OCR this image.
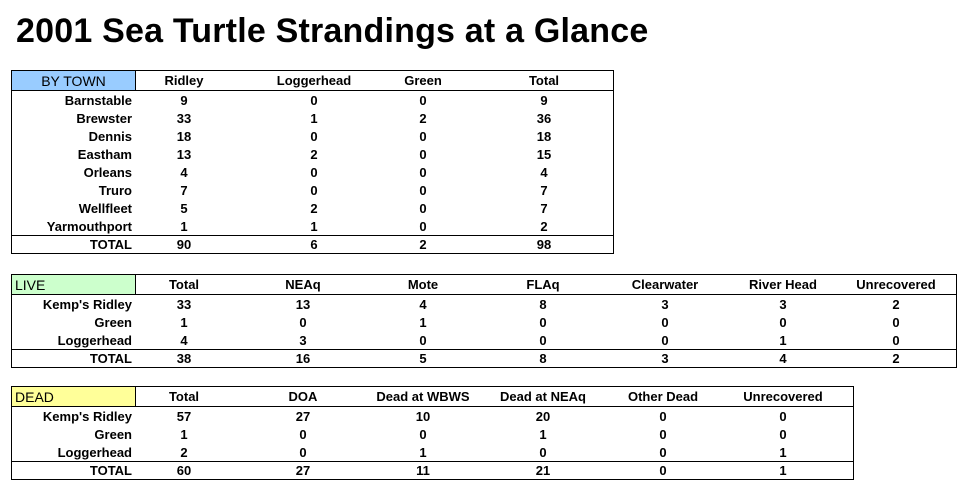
2001 Sea Turtle Strandings at a Glance
BY TOWN	Ridley	Loggerhead	Green	Total
Barnstable	9	0	0	9
Brewster	33	1	2	36
Dennis	18	0	0	18
Eastham	13	2	0	15
Orleans	4	0	0	4
Truro	7	0	0	7
Wellfleet	5	2	0	7
Yarmouthport	1	1	0	2
TOTAL	90	6	2	98
LIVE	Total	NEAq	Mote	FLAq	Clearwater	River Head	Unrecovered
Kemp's Ridley	33	13	4	8	3	3	2
Green	1	0	1	0	0	0	0
Loggerhead	4	3	0	0	0	1	0
TOTAL	38	16	5	8	3	4	2
DEAD	Total	DOA	Dead at WBWS	Dead at NEAq	Other Dead	Unrecovered
Kemp's Ridley	57	27	10	20	0	0
Green	1	0	0	1	0	0
Loggerhead	2	0	1	0	0	1
TOTAL	60	27	11	21	0	1
